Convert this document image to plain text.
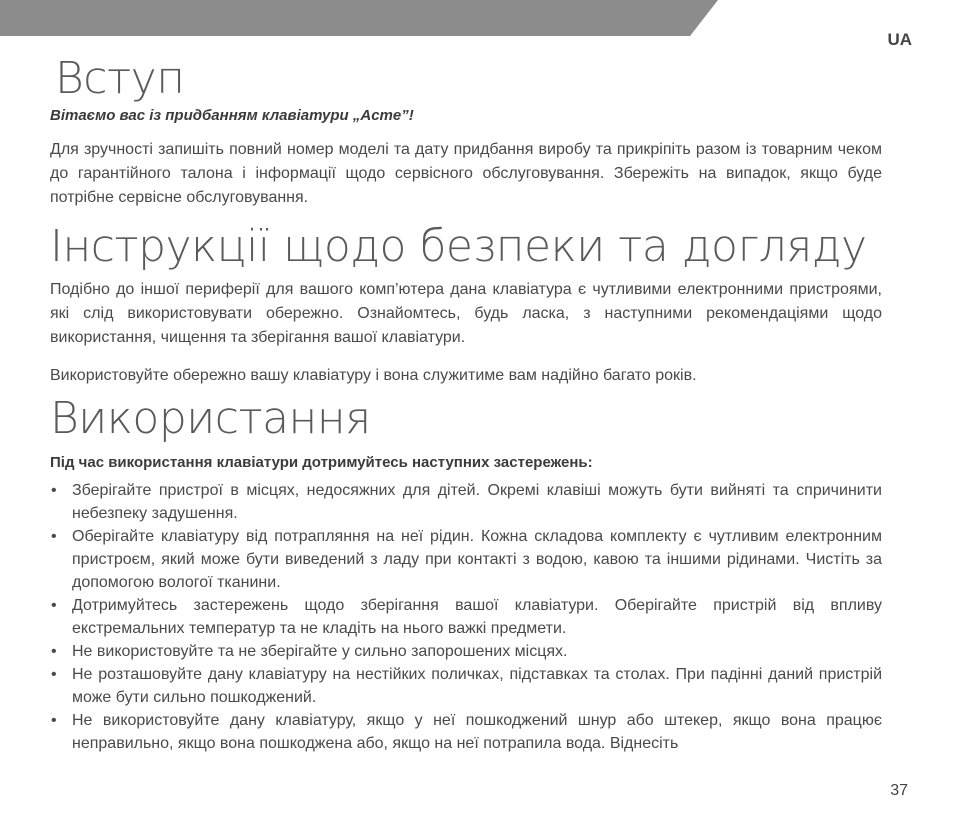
UA
Вступ
Вітаємо вас із придбанням клавіатури „Acme”!

Для зручності запишіть повний номер моделі та дату придбання виробу та прикріпіть разом із товарним чеком до гарантійного талона і інформації щодо сервісного обслуговування. Збережіть на випадок, якщо буде потрібне сервісне обслуговування.

Інструкції щодо безпеки та догляду

Подібно до іншої периферії для вашого комп’ютера дана клавіатура є чутливими електронними пристроями, які слід використовувати обережно. Ознайомтесь, будь ласка, з наступними рекомендаціями щодо використання, чищення та зберігання вашої клавіатури.

Використовуйте обережно вашу клавіатуру і вона служитиме вам надійно багато років.

Використання
Під час використання клавіатури дотримуйтесь наступних застережень:
• Зберігайте пристрої в місцях, недосяжних для дітей. Окремі клавіші можуть бути вийняті та спричинити небезпеку задушення.
• Оберігайте клавіатуру від потрапляння на неї рідин. Кожна складова комплекту є чутливим електронним пристроєм, який може бути виведений з ладу при контакті з водою, кавою та іншими рідинами. Чистіть за допомогою вологої тканини.
• Дотримуйтесь застережень щодо зберігання вашої клавіатури. Оберігайте пристрій від впливу екстремальних температур та не кладіть на нього важкі предмети.
• Не використовуйте та не зберігайте у сильно запорошених місцях.
• Не розташовуйте дану клавіатуру на нестійких поличках, підставках та столах. При падінні даний пристрій може бути сильно пошкоджений.
• Не використовуйте дану клавіатуру, якщо у неї пошкоджений шнур або штекер, якщо вона працює неправильно, якщо вона пошкоджена або, якщо на неї потрапила вода. Віднесіть
37
